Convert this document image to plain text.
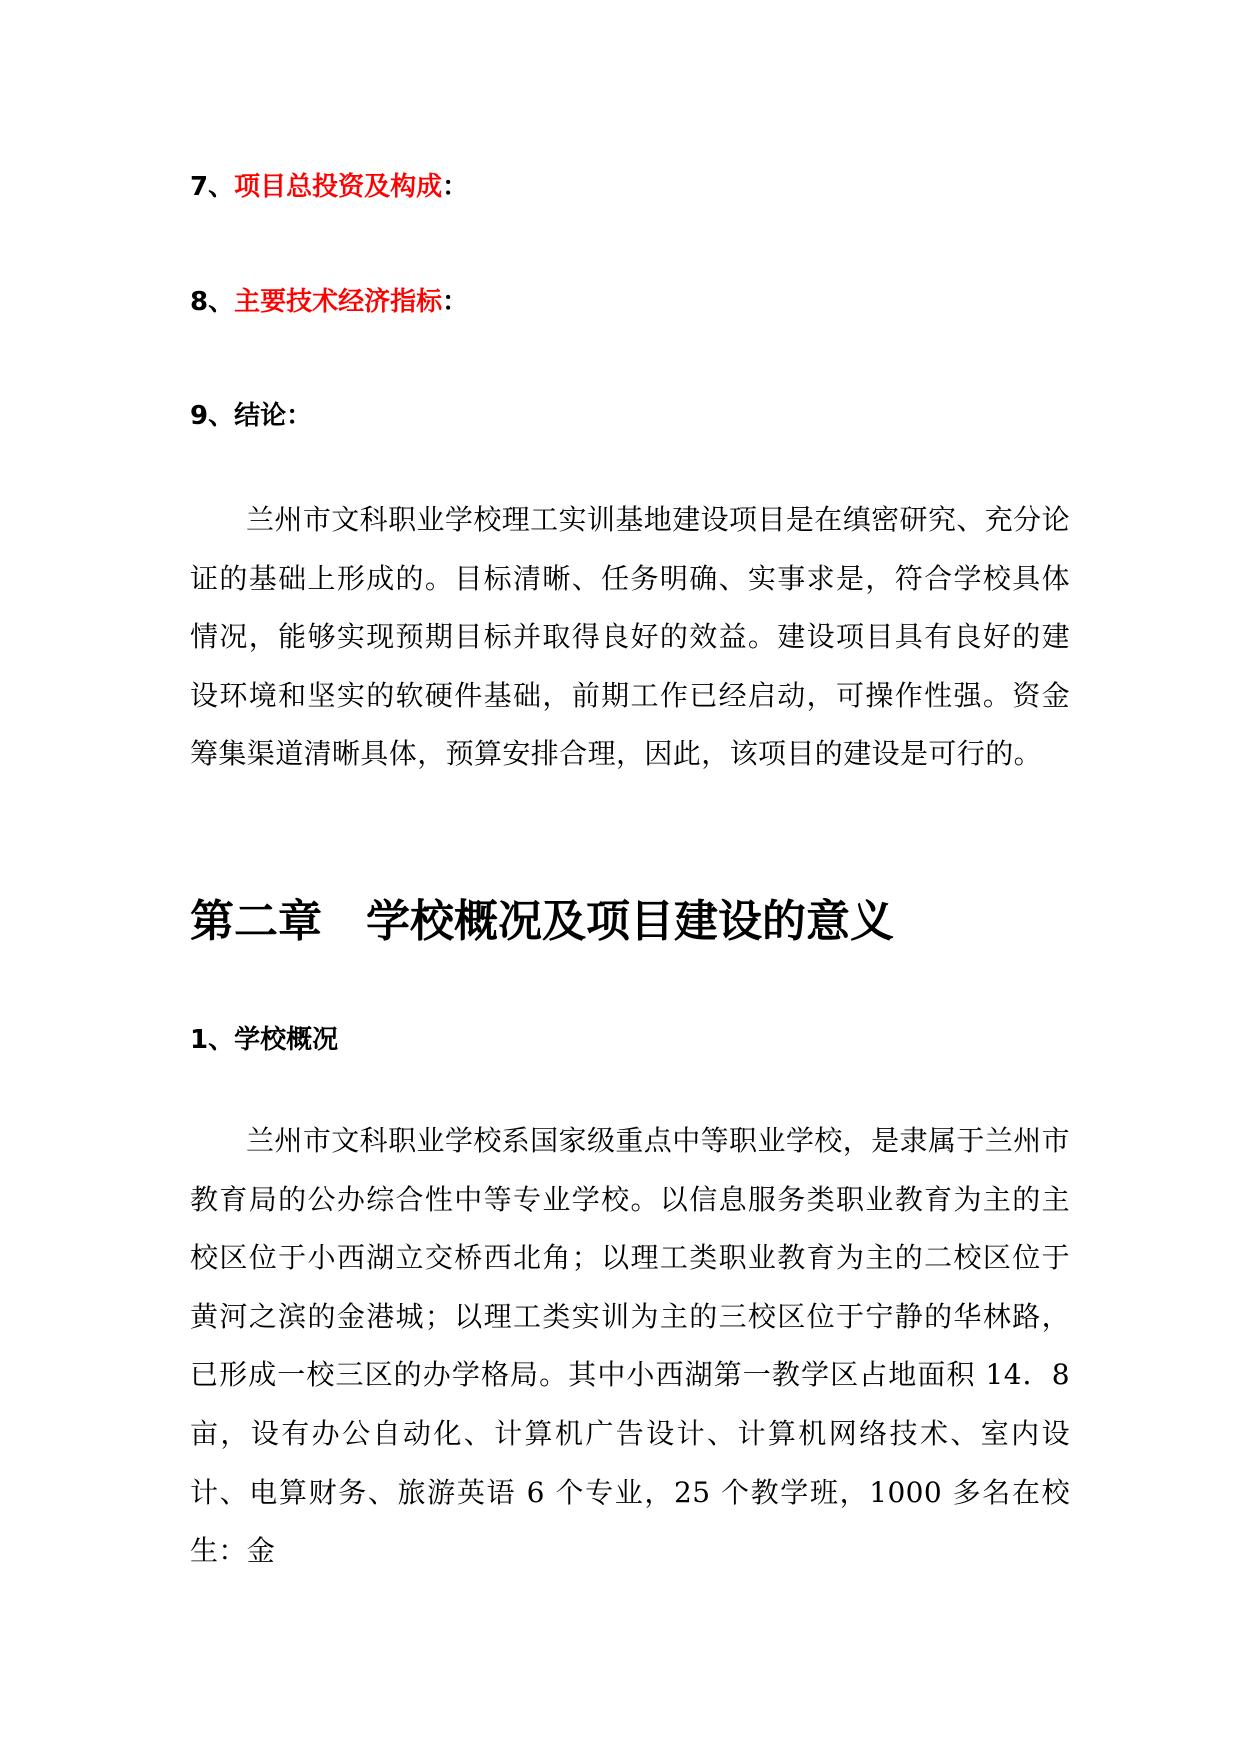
7、项目总投资及构成：
8、主要技术经济指标：
9、结论：

兰州市文科职业学校理工实训基地建设项目是在缜密研究、充分论证的基础上形成的。目标清晰、任务明确、实事求是，符合学校具体情况，能够实现预期目标并取得良好的效益。建设项目具有良好的建设环境和坚实的软硬件基础，前期工作已经启动，可操作性强。资金筹集渠道清晰具体，预算安排合理，因此，该项目的建设是可行的。

第二章　学校概况及项目建设的意义
1、学校概况

兰州市文科职业学校系国家级重点中等职业学校，是隶属于兰州市教育局的公办综合性中等专业学校。以信息服务类职业教育为主的主校区位于小西湖立交桥西北角；以理工类职业教育为主的二校区位于黄河之滨的金港城；以理工类实训为主的三校区位于宁静的华林路，已形成一校三区的办学格局。其中小西湖第一教学区占地面积 14．8 亩，设有办公自动化、计算机广告设计、计算机网络技术、室内设计、电算财务、旅游英语 6 个专业，25 个教学班，1000 多名在校生：金
